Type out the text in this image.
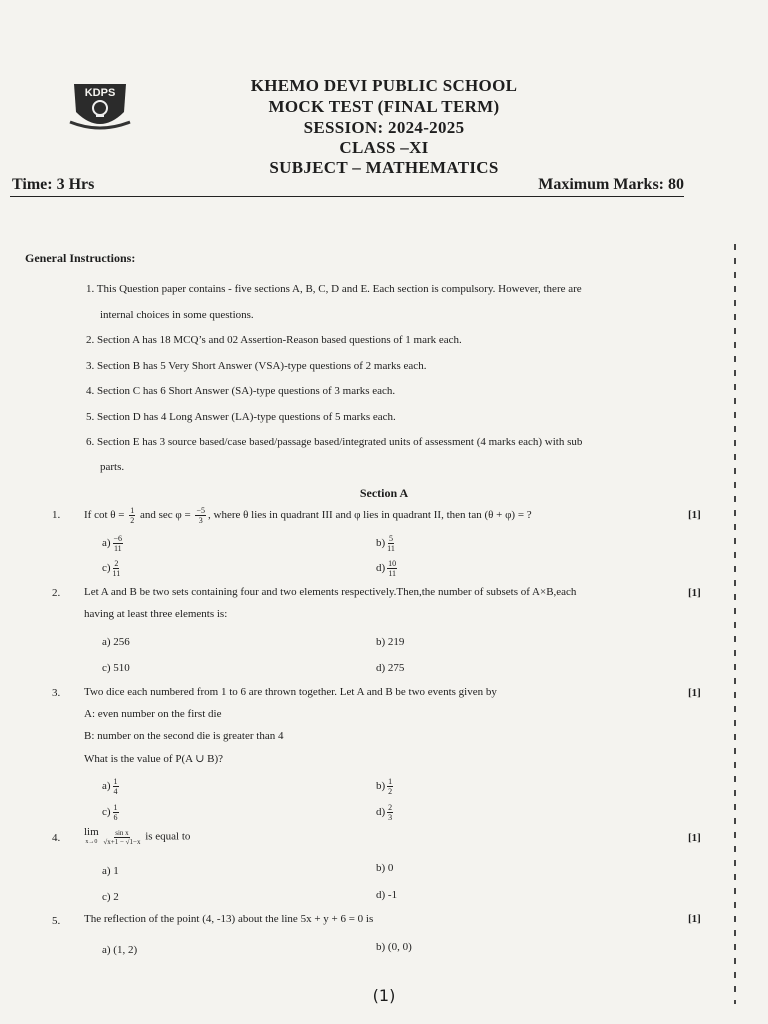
KDPS	KHEMO DEVI PUBLIC SCHOOL
MOCK TEST (FINAL TERM)
SESSION: 2024-2025
CLASS –XI
SUBJECT – MATHEMATICS
Time: 3 Hrs	Maximum Marks: 80
General Instructions:
1. This Question paper contains - five sections A, B, C, D and E. Each section is compulsory. However, there are
internal choices in some questions.
2. Section A has 18 MCQ’s and 02 Assertion-Reason based questions of 1 mark each.
3. Section B has 5 Very Short Answer (VSA)-type questions of 2 marks each.
4. Section C has 6 Short Answer (SA)-type questions of 3 marks each.
5. Section D has 4 Long Answer (LA)-type questions of 5 marks each.
6. Section E has 3 source based/case based/passage based/integrated units of assessment (4 marks each) with sub
parts.
Section A
1. If $\cot \theta = \frac{1}{2}$ and $\sec \varphi = \frac{-5}{3}$ , where θ lies in quadrant III and φ lies in quadrant II, then tan (θ + φ) = ?	[1]
$a) \frac{-6}{11}$	$b) \frac{5}{11}$
$c) \frac{2}{11}$	$d) \frac{10}{11}$
2. Let A and B be two sets containing four and two elements respectively.Then,the number of subsets of A×B,each
having at least three elements is:
[1]
a) 256	b) 219
c) 510	d) 275
3. Two dice each numbered from 1 to 6 are thrown together. Let A and B be two events given by
A: even number on the first die
B: number on the second die is greater than 4
What is the value of P(A ∪ B)?
[1]
$a) \frac{1}{4}$	$b) \frac{1}{2}$
$c) \frac{1}{6}$	$d) \frac{2}{3}$
4. lim
x→0
$\frac{\text{sin x}}{√x+1 - √1-x}$ is equal to	[1]
a) 1	b) 0
c) 2	d) -1
5. The reflection of the point (4, -13) about the line 5x + y + 6 = 0 is	[1]
a) (1, 2)	b) (0, 0)
(1)
